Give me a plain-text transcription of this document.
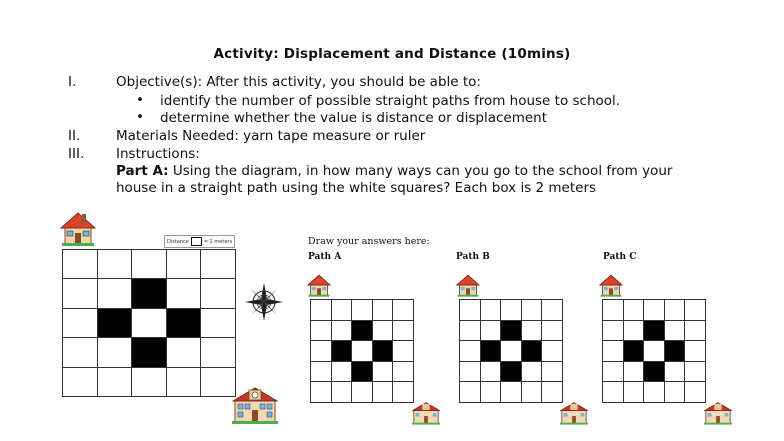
Activity: Displacement and Distance (10mins)
I.	Objective(s): After this activity, you should be able to:
• identify the number of possible straight paths from house to school.
• determine whether the value is distance or displacement
II.	Materials Needed: yarn tape measure or ruler
III. Instructions:
Part A: Using the diagram, in how many ways can you go to the school from your
house in a straight path using the white squares? Each box is 2 meters
Distance	= 2 meters

					Draw your answers here:
Path A	Path B	Path C
